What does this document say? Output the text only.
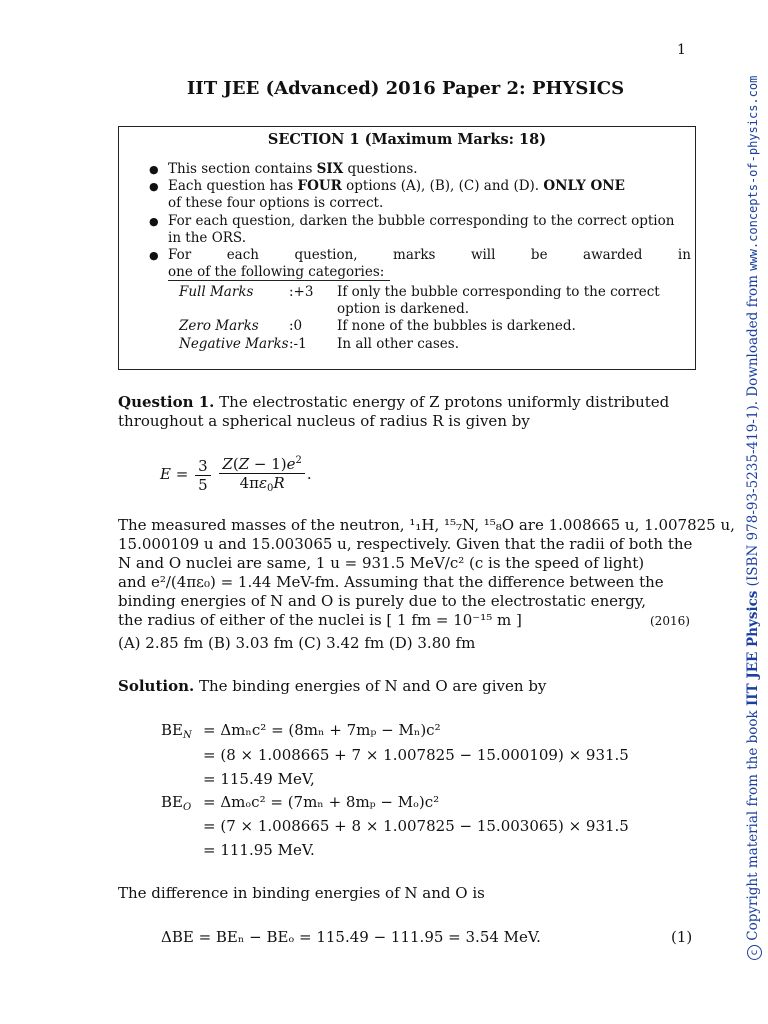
1
IIT JEE (Advanced) 2016 Paper 2: PHYSICS
SECTION 1 (Maximum Marks: 18)
● This section contains SIX questions.
● Each question has FOUR options (A), (B), (C) and (D). ONLY ONE
of these four options is correct.
● For each question, darken the bubble corresponding to the correct option
in the ORS.
● For	each	question,	marks	will	be	awarded	in
one of the following categories:
Full Marks	:+3 If only the bubble corresponding to the correct
option is darkened.
Zero Marks :0	If none of the bubbles is darkened.
Negative Marks :-1 In all other cases.
Question 1. The electrostatic energy of Z protons uniformly distributed
throughout a spherical nucleus of radius R is given by
$E = \frac{3}{5}$
$\frac{Z(Z - 1)e^2}{4\pi\varepsilon_0R}$ .
The measured masses of the neutron, ¹₁H, ¹⁵₇N, ¹⁵₈O are 1.008665 u, 1.007825 u,
15.000109 u and 15.003065 u, respectively. Given that the radii of both the
N and O nuclei are same, 1 u = 931.5 MeV/c² (c is the speed of light)
and e²/(4πε₀) = 1.44 MeV-fm. Assuming that the difference between the
binding energies of N and O is purely due to the electrostatic energy,
the radius of either of the nuclei is [ 1 fm = 10⁻¹⁵ m ]	(2016)
(A) 2.85 fm (B) 3.03 fm (C) 3.42 fm (D) 3.80 fm
Solution. The binding energies of N and O are given by
$BE_N = \Delta m_nc^2 = (8m_n + 7m_p - M_n)c^2$
= (8 × 1.008665 + 7 × 1.007825 − 15.000109) × 931.5
= 115.49 MeV,
$BE_O = \Delta m_oc^2 = (7m_n + 8m_p - M_o)c^2$
= (7 × 1.008665 + 8 × 1.007825 − 15.003065) × 931.5
= 111.95 MeV.
The difference in binding energies of N and O is
ΔBE = BEₙ − BEₒ = 115.49 − 111.95 = 3.54 MeV.	(1)
c Copyright material from the book IIT JEE Physics (ISBN 978-93-5235-419-1). Downloaded from www.concepts-of-physics.com
